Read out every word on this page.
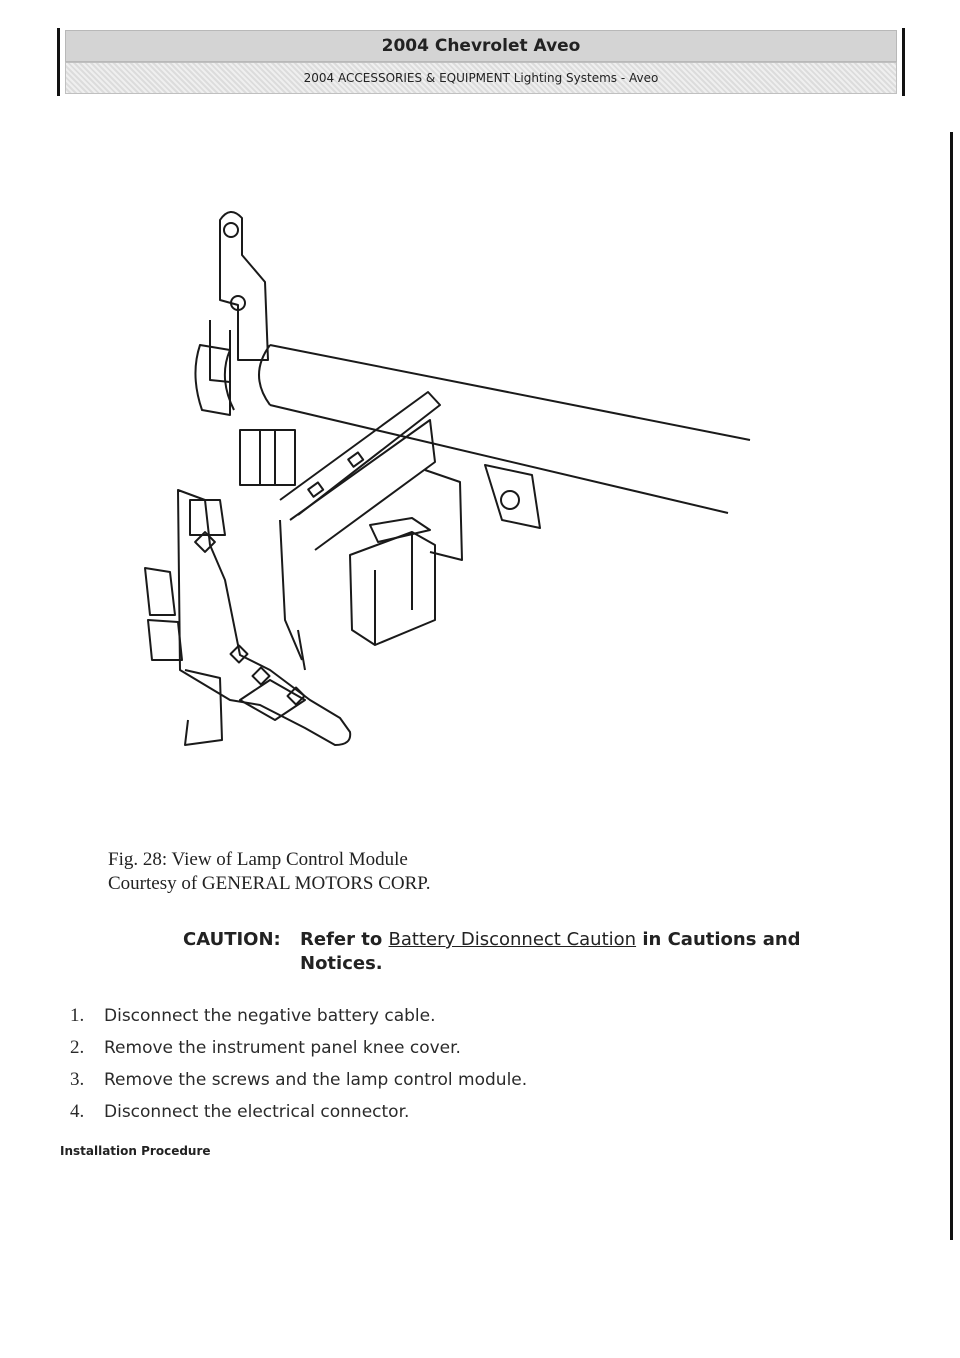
2004 Chevrolet Aveo
2004 ACCESSORIES & EQUIPMENT Lighting Systems - Aveo
Fig. 28: View of Lamp Control Module
Courtesy of GENERAL MOTORS CORP.
CAUTION: Refer to Battery Disconnect Caution in Cautions and
Notices.
1. Disconnect the negative battery cable.
2. Remove the instrument panel knee cover.
3. Remove the screws and the lamp control module.
4. Disconnect the electrical connector.
Installation Procedure
